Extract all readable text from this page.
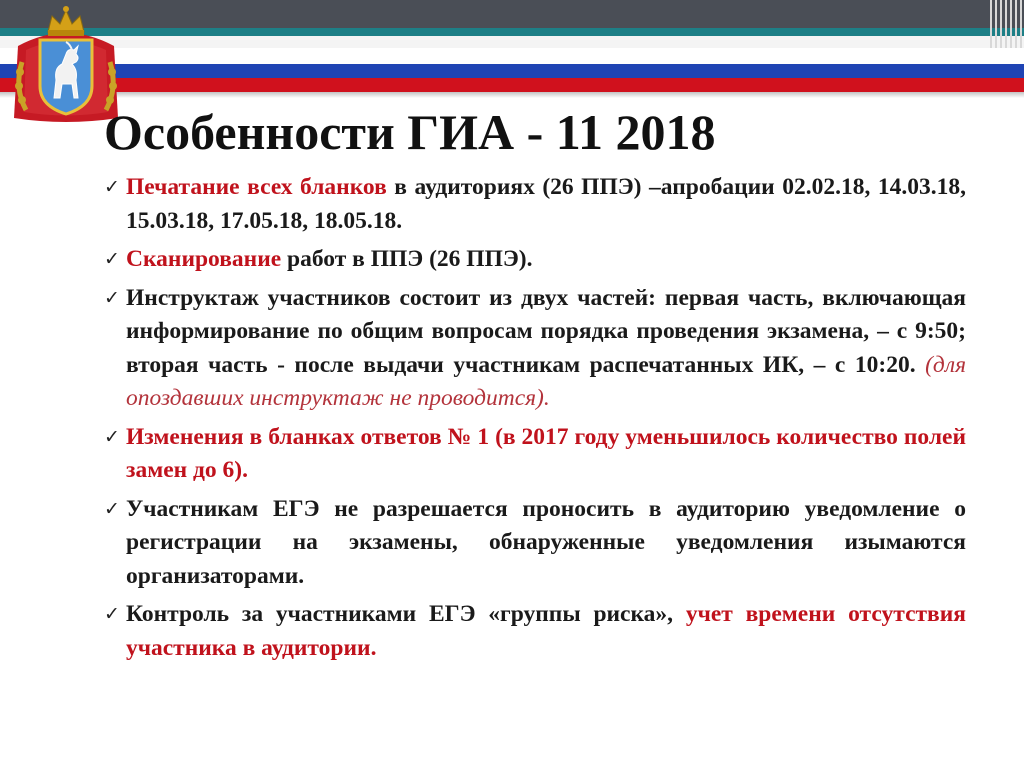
Особенности ГИА - 11 2018
✓ Печатание всех бланков в аудиториях (26 ППЭ) –апробации 02.02.18, 14.03.18, 15.03.18, 17.05.18, 18.05.18.
✓ Сканирование работ в ППЭ (26 ППЭ).
✓ Инструктаж участников состоит из двух частей: первая часть, включающая информирование по общим вопросам порядка проведения экзамена, – с 9:50; вторая часть - после выдачи участникам распечатанных ИК, – с 10:20. (для опоздавших инструктаж не проводится).
✓ Изменения в бланках ответов № 1 (в 2017 году уменьшилось количество полей замен до 6).
✓ Участникам ЕГЭ не разрешается проносить в аудиторию уведомление о регистрации на экзамены, обнаруженные уведомления изымаются организаторами.
✓ Контроль за участниками ЕГЭ «группы риска», учет времени отсутствия участника в аудитории.
